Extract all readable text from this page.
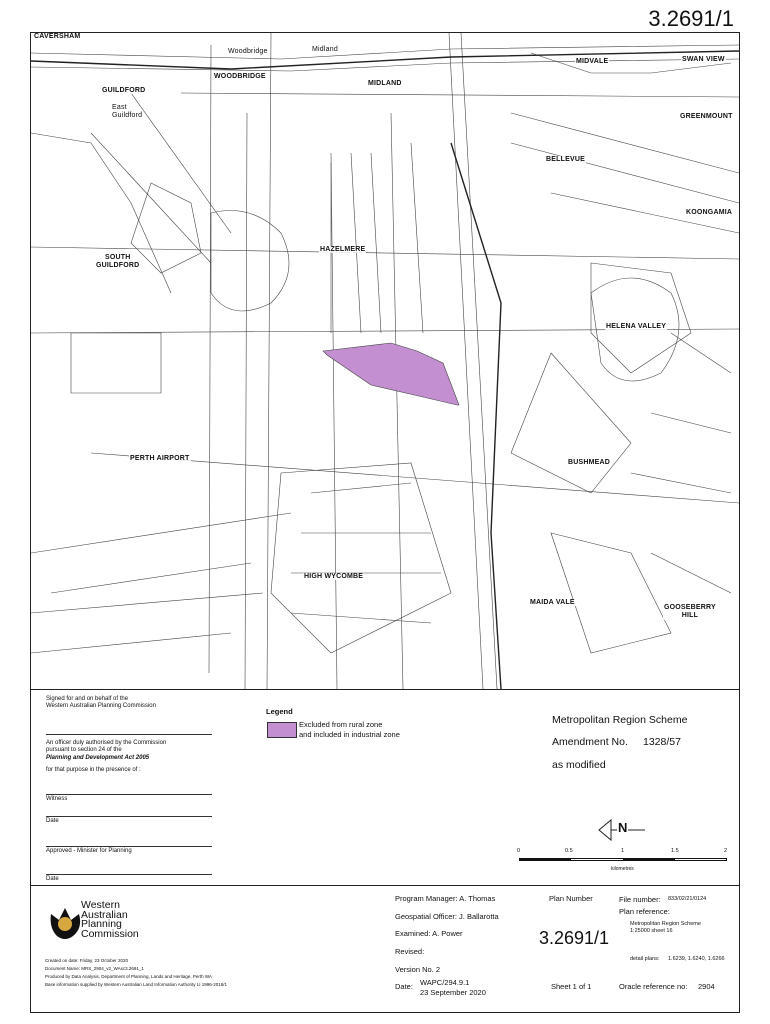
3.2691/1
CAVERSHAM
Woodbridge	Midland
WOODBRIDGE
MIDLAND
MIDVALE	SWAN VIEW
GUILDFORD
East
Guildford	GREENMOUNT
BELLEVUE
KOONGAMIA
HAZELMERE
SOUTH
GUILDFORD
HELENA VALLEY
PERTH AIRPORT
BUSHMEAD
HIGH WYCOMBE
MAIDA VALE
GOOSEBERRY
HILL
Signed for and on behalf of the
Western Australian Planning Commission
An officer duly authorised by the Commission
pursuant to section 24 of the
Planning and Development Act 2005
for that purpose in the presence of :
Witness
Date
Approved - Minister for Planning
Date
Legend
Excluded from rural zone
and included in industrial zone
Metropolitan Region Scheme
Amendment No. 1328/57
as modified
N
0	0.5	1	1.5	2
kilometres
Western
Australian
Planning
Commission
Created on date: Friday, 23 October 2020
Document Name: MRS_2904_v2_WAsc3.2691_1
Produced by Data Analysis, Department of Planning, Lands and Heritage, Perth WA
Base information supplied by Western Australian Land Information Authority LI 1996-2018/1
Program Manager: A. Thomas
Geospatial Officer: J. Ballarotta
Examined: A. Power
Revised:
Version No. 2
Date: WAPC/294.9.1
23 September 2020
Plan Number
3.2691/1
Sheet 1 of 1
File number: 833/02/21/0124
Plan reference:
Metropolitan Region Scheme
1:25000 sheet 16
detail plans: 1.6239, 1.6240, 1.6266
Oracle reference no: 2904
